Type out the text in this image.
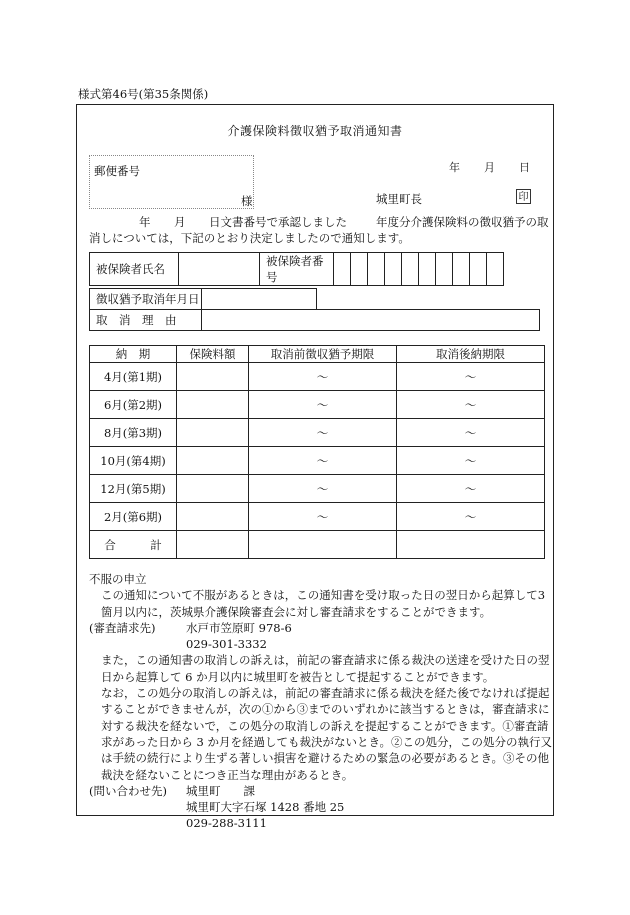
様式第46号(第35条関係)
介護保険料徴収猶予取消通知書
郵便番号
様
年 月 日
城里町長	印
年 月 日文書番号で承認しました	年度分介護保険料の徴収猶予の取
消しについては，下記のとおり決定しましたので通知します。
被保険者氏名		被保険者番号										
徴収猶予取消年月日	
取　消　理　由	
納　期	保険料額	取消前徴収猶予期限	取消後納期限
4月(第1期)		～	～
6月(第2期)		～	～
8月(第3期)		～	～
10月(第4期)		～	～
12月(第5期)		～	～
2月(第6期)		～	～
合　　　計			

不服の申立

この通知について不服があるときは，この通知書を受け取った日の翌日から起算して3箇月以内に，茨城県介護保険審査会に対し審査請求をすることができます。

(審査請求先)	水戸市笠原町 978-6

029-301-3332

また，この通知書の取消しの訴えは，前記の審査請求に係る裁決の送達を受けた日の翌日から起算して 6 か月以内に城里町を被告として提起することができます。

なお，この処分の取消しの訴えは，前記の審査請求に係る裁決を経た後でなければ提起することができませんが，次の①から③までのいずれかに該当するときは，審査請求に対する裁決を経ないで，この処分の取消しの訴えを提起することができます。①審査請求があった日から 3 か月を経過しても裁決がないとき。②この処分，この処分の執行又は手続の続行により生ずる著しい損害を避けるための緊急の必要があるとき。③その他裁決を経ないことにつき正当な理由があるとき。

(問い合わせ先)	城里町　　課

城里町大字石塚 1428 番地 25

029-288-3111
